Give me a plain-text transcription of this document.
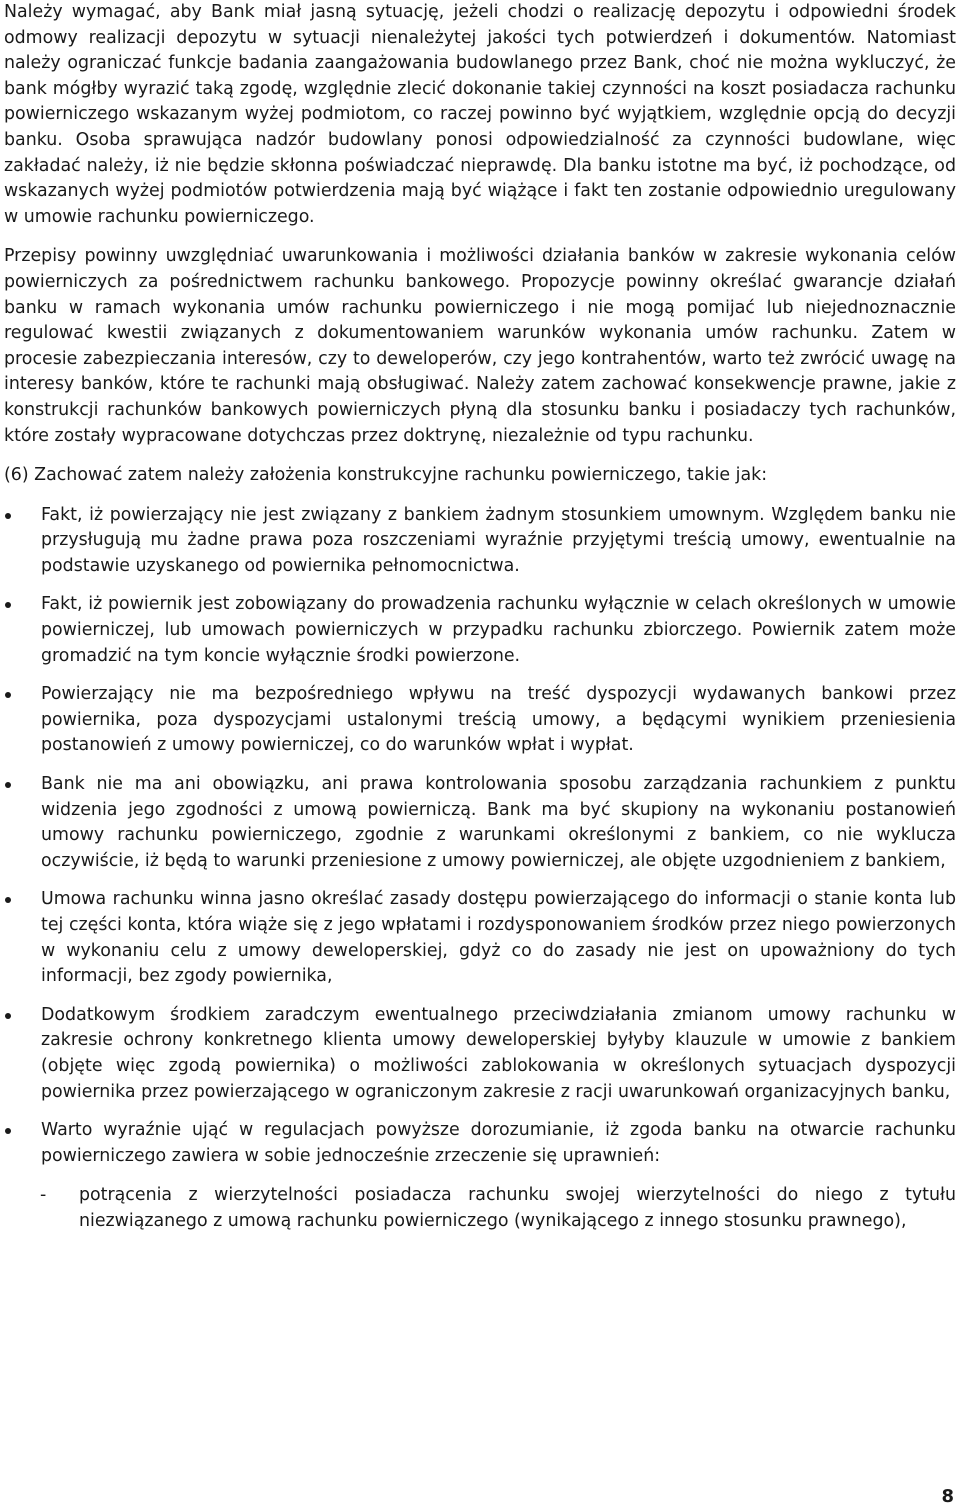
Należy wymagać, aby Bank miał jasną sytuację, jeżeli chodzi o realizację depozytu i odpowiedni środek odmowy realizacji depozytu w sytuacji nienależytej jakości tych potwierdzeń i dokumentów. Natomiast należy ograniczać funkcje badania zaangażowania budowlanego przez Bank, choć nie można wykluczyć, że bank mógłby wyrazić taką zgodę, względnie zlecić dokonanie takiej czynności na koszt posiadacza rachunku powierniczego wskazanym wyżej podmiotom, co raczej powinno być wyjątkiem, względnie opcją do decyzji banku. Osoba sprawująca nadzór budowlany ponosi odpowiedzialność za czynności budowlane, więc zakładać należy, iż nie będzie skłonna poświadczać nieprawdę. Dla banku istotne ma być, iż pochodzące, od wskazanych wyżej podmiotów potwierdzenia mają być wiążące i fakt ten zostanie odpowiednio uregulowany w umowie rachunku powierniczego.

Przepisy powinny uwzględniać uwarunkowania i możliwości działania banków w zakresie wykonania celów powierniczych za pośrednictwem rachunku bankowego. Propozycje powinny określać gwarancje działań banku w ramach wykonania umów rachunku powierniczego i nie mogą pomijać lub niejednoznacznie regulować kwestii związanych z dokumentowaniem warunków wykonania umów rachunku. Zatem w procesie zabezpieczania interesów, czy to deweloperów, czy jego kontrahentów, warto też zwrócić uwagę na interesy banków, które te rachunki mają obsługiwać. Należy zatem zachować konsekwencje prawne, jakie z konstrukcji rachunków bankowych powierniczych płyną dla stosunku banku i posiadaczy tych rachunków, które zostały wypracowane dotychczas przez doktrynę, niezależnie od typu rachunku.

(6) Zachować zatem należy założenia konstrukcyjne rachunku powierniczego, takie jak:

Fakt, iż powierzający nie jest związany z bankiem żadnym stosunkiem umownym. Względem banku nie przysługują mu żadne prawa poza roszczeniami wyraźnie przyjętymi treścią umowy, ewentualnie na podstawie uzyskanego od powiernika pełnomocnictwa.
Fakt, iż powiernik jest zobowiązany do prowadzenia rachunku wyłącznie w celach określonych w umowie powierniczej, lub umowach powierniczych w przypadku rachunku zbiorczego. Powiernik zatem może gromadzić na tym koncie wyłącznie środki powierzone.
Powierzający nie ma bezpośredniego wpływu na treść dyspozycji wydawanych bankowi przez powiernika, poza dyspozycjami ustalonymi treścią umowy, a będącymi wynikiem przeniesienia postanowień z umowy powierniczej, co do warunków wpłat i wypłat.
Bank nie ma ani obowiązku, ani prawa kontrolowania sposobu zarządzania rachunkiem z punktu widzenia jego zgodności z umową powierniczą. Bank ma być skupiony na wykonaniu postanowień umowy rachunku powierniczego, zgodnie z warunkami określonymi z bankiem, co nie wyklucza oczywiście, iż będą to warunki przeniesione z umowy powierniczej, ale objęte uzgodnieniem z bankiem,
Umowa rachunku winna jasno określać zasady dostępu powierzającego do informacji o stanie konta lub tej części konta, która wiąże się z jego wpłatami i rozdysponowaniem środków przez niego powierzonych w wykonaniu celu z umowy deweloperskiej, gdyż co do zasady nie jest on upoważniony do tych informacji, bez zgody powiernika,
Dodatkowym środkiem zaradczym ewentualnego przeciwdziałania zmianom umowy rachunku w zakresie ochrony konkretnego klienta umowy deweloperskiej byłyby klauzule w umowie z bankiem (objęte więc zgodą powiernika) o możliwości zablokowania w określonych sytuacjach dyspozycji powiernika przez powierzającego w ograniczonym zakresie z racji uwarunkowań organizacyjnych banku,
Warto wyraźnie ująć w regulacjach powyższe dorozumianie, iż zgoda banku na otwarcie rachunku powierniczego zawiera w sobie jednocześnie zrzeczenie się uprawnień:
- potrącenia z wierzytelności posiadacza rachunku swojej wierzytelności do niego z tytułu niezwiązanego z umową rachunku powierniczego (wynikającego z innego stosunku prawnego),
8
